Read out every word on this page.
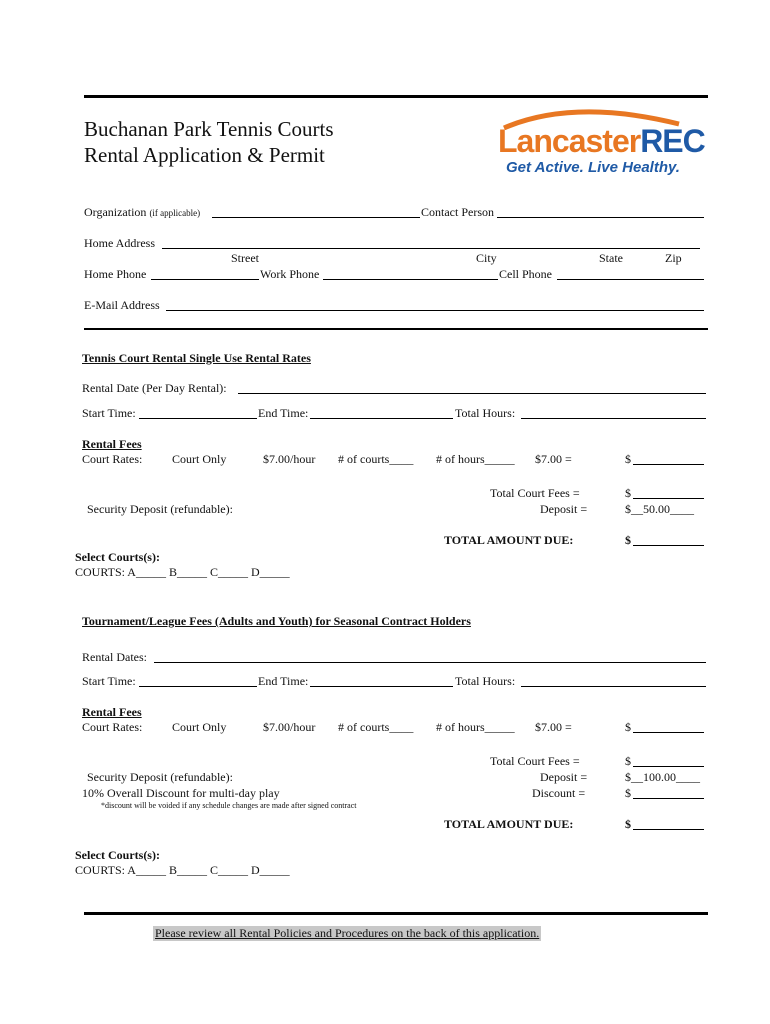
Buchanan Park Tennis Courts
Rental Application & Permit	LancasterREC
Get Active. Live Healthy.
Organization (if applicable)	Contact Person
Home Address
Street	City	State	Zip
Home Phone	Work Phone	Cell Phone
E-Mail Address
Tennis Court Rental Single Use Rental Rates
Rental Date (Per Day Rental):
Start Time:	End Time:	Total Hours:
Rental Fees
Court Rates: Court Only	$7.00/hour # of courts____ # of hours_____ $7.00 =	$
Total Court Fees =	$
Security Deposit (refundable):	Deposit =	$__50.00____
TOTAL AMOUNT DUE:	$
Select Courts(s):
COURTS: A_____ B_____ C_____ D_____
Tournament/League Fees (Adults and Youth) for Seasonal Contract Holders
Rental Dates:
Start Time:	End Time:	Total Hours:
Rental Fees
Court Rates: Court Only	$7.00/hour # of courts____ # of hours_____ $7.00 =	$
Total Court Fees =	$
Security Deposit (refundable):	Deposit =	$__100.00____
10% Overall Discount for multi-day play	Discount =	$
*discount will be voided if any schedule changes are made after signed contract
TOTAL AMOUNT DUE:	$
Select Courts(s):
COURTS: A_____ B_____ C_____ D_____
Please review all Rental Policies and Procedures on the back of this application.
